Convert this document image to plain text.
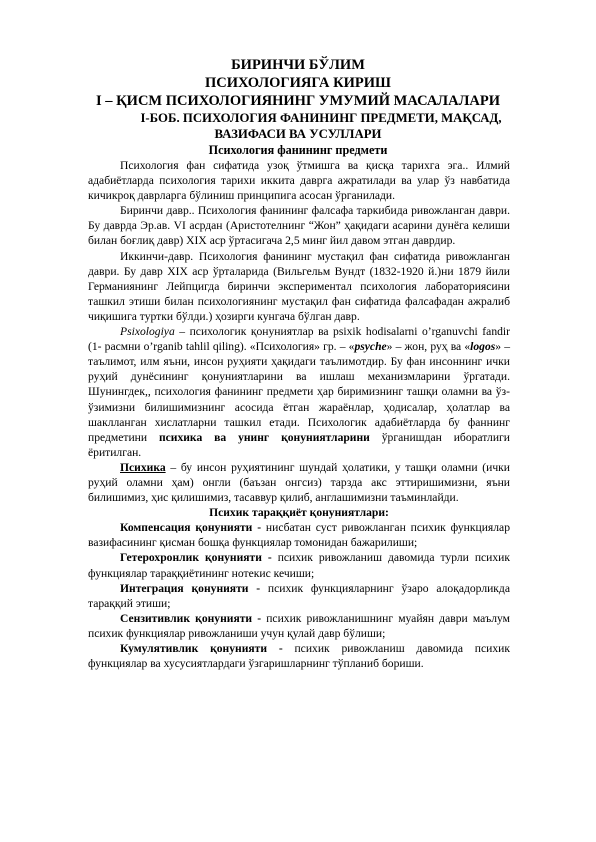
БИРИНЧИ БЎЛИМ
ПСИХОЛОГИЯГА КИРИШ
I – ҚИСМ ПСИХОЛОГИЯНИНГ УМУМИЙ МАСАЛАЛАРИ
I-БОБ. ПСИХОЛОГИЯ ФАНИНИНГ ПРЕДМЕТИ, МАҚСАД,
ВАЗИФАСИ ВА УСУЛЛАРИ
Психология фанининг предмети

Психология фан сифатида узоқ ўтмишга ва қисқа тарихга эга.. Илмий адабиётларда психология тарихи иккита даврга ажратилади ва улар ўз навбатида кичикроқ даврларга бўлиниш принципига асосан ўрганилади.

Биринчи давр.. Психология фанининг фалсафа таркибида ривожланган даври. Бу даврда Эр.ав. VI асрдан (Аристотелнинг “Жон” ҳақидаги асарини дунёга келиши билан боғлиқ давр) XIX аср ўртасигача 2,5 минг йил давом этган даврдир.

Иккинчи-давр. Психология фанининг мустақил фан сифатида ривожланган даври. Бу давр XIX аср ўрталарида (Вильгельм Вундт (1832-1920 й.)ни 1879 йили Германиянинг Лейпцигда биринчи экспериментал психология лабораториясини ташкил этиши билан психологиянинг мустақил фан сифатида фалсафадан ажралиб чиқишига туртки бўлди.) ҳозирги кунгача бўлган давр.

Psixologiya – психологик қонуниятлар ва psixik hodisalarni o’rganuvchi fandir (1- расмни o’rganib tahlil qiling). «Психология» гр. – «psyche» – жон, руҳ ва «logos» – таълимот, илм яъни, инсон руҳияти ҳақидаги таълимотдир. Бу фан инсоннинг ички руҳий дунёсининг қонуниятларини ва ишлаш механизмларини ўргатади. Шунингдек,, психология фанининг предмети ҳар биримизнинг ташқи оламни ва ўз-ўзимизни билишимизнинг асосида ётган жараёнлар, ҳодисалар, ҳолатлар ва шаклланган хислатларни ташкил етади. Психологик адабиётларда бу фаннинг предметини психика ва унинг қонуниятларини ўрганишдан иборатлиги ёритилган.

Психика – бу инсон руҳиятининг шундай ҳолатики, у ташқи оламни (ички руҳий оламни ҳам) онгли (баъзан онгсиз) тарзда акс эттиришимизни, яъни билишимиз, ҳис қилишимиз, тасаввур қилиб, англашимизни таъминлайди.

Психик тараққиёт қонуниятлари:

Компенсация қонунияти - нисбатан суст ривожланган психик функциялар вазифасининг қисман бошқа функциялар томонидан бажарилиши;

Гетерохронлик қонунияти - психик ривожланиш давомида турли психик функциялар тараққиётининг нотекис кечиши;

Интеграция қонунияти - психик функцияларнинг ўзаро алоқадорликда тараққий этиши;

Сензитивлик қонунияти - психик ривожланишнинг муайян даври маълум психик функциялар ривожланиши учун қулай давр бўлиши;

Кумулятивлик қонунияти - психик ривожланиш давомида психик функциялар ва хусусиятлардаги ўзгаришларнинг тўпланиб бориши.
